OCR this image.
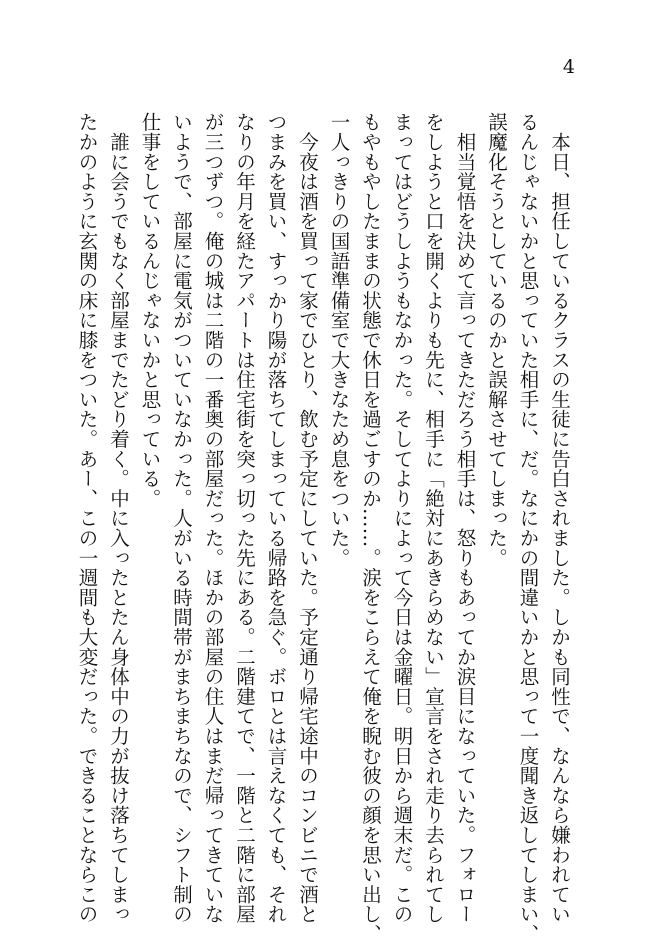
4
　本日、担任しているクラスの生徒に告白されました。しかも同性で、なんなら嫌われてい
るんじゃないかと思っていた相手に、だ。なにかの間違いかと思って一度聞き返してしまい、
誤魔化そうとしているのかと誤解させてしまった。
　相当覚悟を決めて言ってきただろう相手は、怒りもあってか涙目になっていた。フォロー
をしようと口を開くよりも先に、相手に「絶対にあきらめない」宣言をされ走り去られてし
まってはどうしようもなかった。そしてよりによって今日は金曜日。明日から週末だ。この
もやもやしたままの状態で休日を過ごすのか……。涙をこらえて俺を睨む彼の顔を思い出し、
一人っきりの国語準備室で大きなため息をついた。
　今夜は酒を買って家でひとり、飲む予定にしていた。予定通り帰宅途中のコンビニで酒と
つまみを買い、すっかり陽が落ちてしまっている帰路を急ぐ。ボロとは言えなくても、それ
なりの年月を経たアパートは住宅街を突っ切った先にある。二階建てで、一階と二階に部屋
が三つずつ。俺の城は二階の一番奥の部屋だった。ほかの部屋の住人はまだ帰ってきていな
いようで、部屋に電気がついていなかった。人がいる時間帯がまちまちなので、シフト制の
仕事をしているんじゃないかと思っている。
　誰に会うでもなく部屋までたどり着く。中に入ったとたん身体中の力が抜け落ちてしまっ
たかのように玄関の床に膝をついた。あー、この一週間も大変だった。できることならこの
